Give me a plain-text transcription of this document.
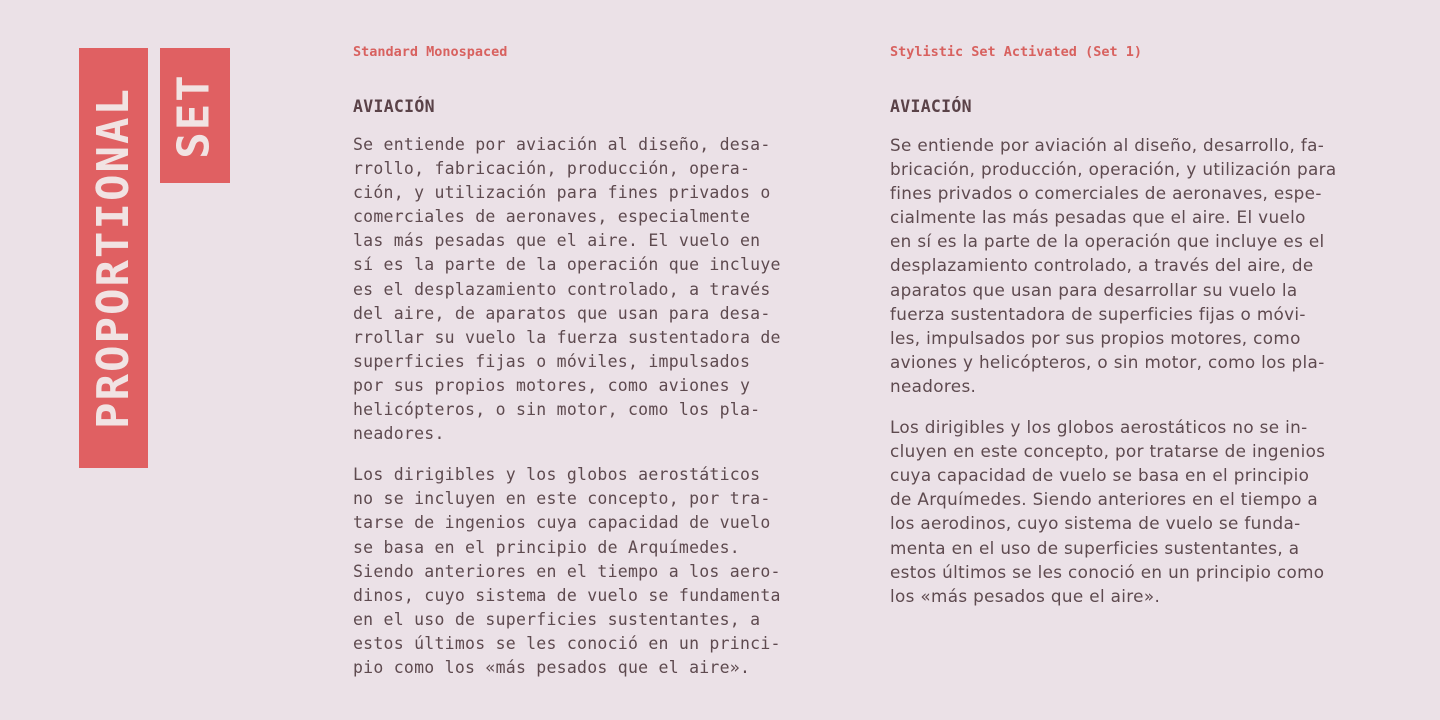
PROPORTIONAL SET
Standard Monospaced
AVIACIÓN

Se entiende por aviación al diseño, desa-
rrollo, fabricación, producción, opera-
ción, y utilización para fines privados o
comerciales de aeronaves, especialmente
las más pesadas que el aire. El vuelo en
sí es la parte de la operación que incluye
es el desplazamiento controlado, a través
del aire, de aparatos que usan para desa-
rrollar su vuelo la fuerza sustentadora de
superficies fijas o móviles, impulsados
por sus propios motores, como aviones y
helicópteros, o sin motor, como los pla-
neadores.

Los dirigibles y los globos aerostáticos
no se incluyen en este concepto, por tra-
tarse de ingenios cuya capacidad de vuelo
se basa en el principio de Arquímedes.
Siendo anteriores en el tiempo a los aero-
dinos, cuyo sistema de vuelo se fundamenta
en el uso de superficies sustentantes, a
estos últimos se les conoció en un princi-
pio como los «más pesados que el aire».

Stylistic Set Activated (Set 1)
AVIACIÓN

Se entiende por aviación al diseño, desarrollo, fa-
bricación, producción, operación, y utilización para
fines privados o comerciales de aeronaves, espe-
cialmente las más pesadas que el aire. El vuelo
en sí es la parte de la operación que incluye es el
desplazamiento controlado, a través del aire, de
aparatos que usan para desarrollar su vuelo la
fuerza sustentadora de superficies fijas o móvi-
les, impulsados por sus propios motores, como
aviones y helicópteros, o sin motor, como los pla-
neadores.

Los dirigibles y los globos aerostáticos no se in-
cluyen en este concepto, por tratarse de ingenios
cuya capacidad de vuelo se basa en el principio
de Arquímedes. Siendo anteriores en el tiempo a
los aerodinos, cuyo sistema de vuelo se funda-
menta en el uso de superficies sustentantes, a
estos últimos se les conoció en un principio como
los «más pesados que el aire».
